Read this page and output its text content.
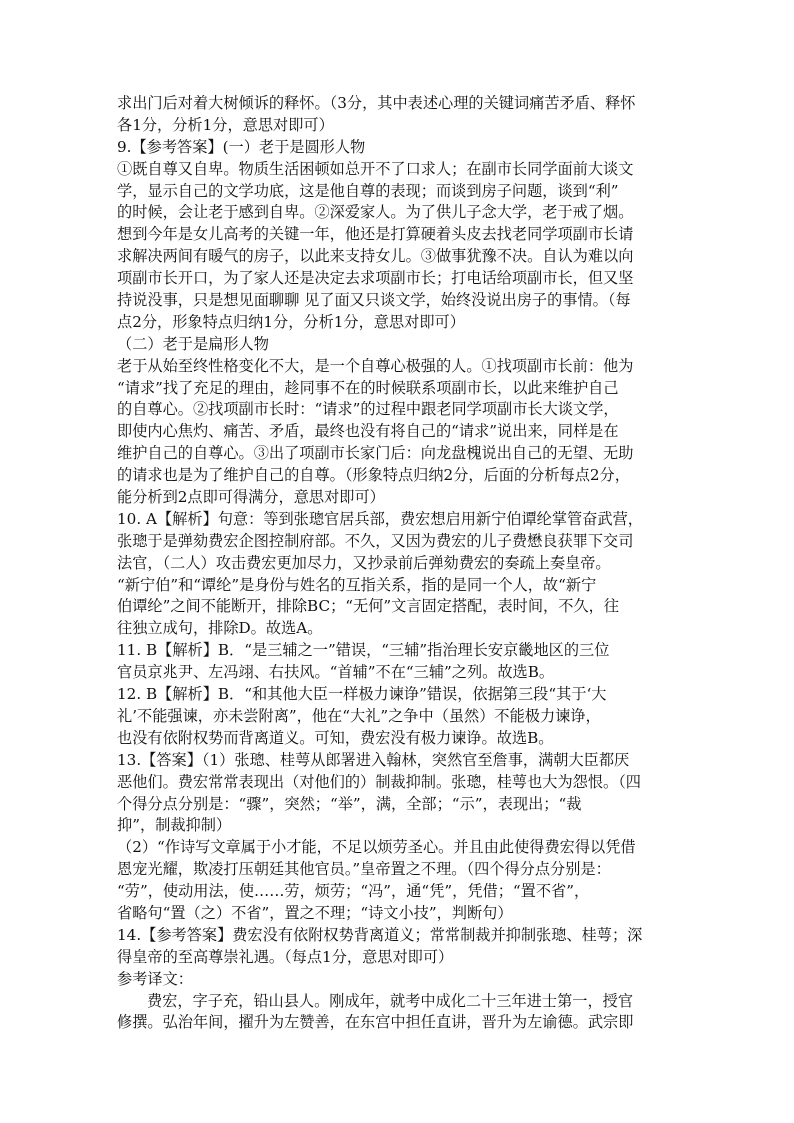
求出门后对着大树倾诉的释怀。（3分，其中表述心理的关键词痛苦矛盾、释怀
各1分，分析1分，意思对即可）
9.【参考答案】(一）老于是圆形人物
①既自尊又自卑。物质生活困顿如总开不了口求人；在副市长同学面前大谈文
学，显示自己的文学功底，这是他自尊的表现；而谈到房子问题，谈到“利”
的时候，会让老于感到自卑。②深爱家人。为了供儿子念大学，老于戒了烟。
想到今年是女儿高考的关键一年，他还是打算硬着头皮去找老同学项副市长请
求解决两间有暖气的房子，以此来支持女儿。③做事犹豫不决。自认为难以向
项副市长开口，为了家人还是决定去求项副市长；打电话给项副市长，但又坚
持说没事，只是想见面聊聊 见了面又只谈文学，始终没说出房子的事情。（每
点2分，形象特点归纳1分，分析1分，意思对即可）
（二）老于是扁形人物
老于从始至终性格变化不大，是一个自尊心极强的人。①找项副市长前：他为
“请求”找了充足的理由，趁同事不在的时候联系项副市长，以此来维护自己
的自尊心。②找项副市长时：“请求”的过程中跟老同学项副市长大谈文学，
即使内心焦灼、痛苦、矛盾，最终也没有将自己的“请求”说出来，同样是在
维护自己的自尊心。③出了项副市长家门后：向龙盘槐说出自己的无望、无助
的请求也是为了维护自己的自尊。（形象特点归纳2分，后面的分析每点2分，
能分析到2点即可得满分，意思对即可）
10. A【解析】句意：等到张璁官居兵部，费宏想启用新宁伯谭纶掌管奋武营，
张璁于是弹劾费宏企图控制府部。不久，又因为费宏的儿子费懋良获罪下交司
法官，（二人）攻击费宏更加尽力，又抄录前后弹劾费宏的奏疏上奏皇帝。
“新宁伯”和“谭纶”是身份与姓名的互指关系，指的是同一个人，故“新宁
伯谭纶”之间不能断开，排除BC；“无何”文言固定搭配，表时间，不久，往
往独立成句，排除D。故选A。
11. B【解析】B．“是三辅之一”错误，“三辅”指治理长安京畿地区的三位
官员京兆尹、左冯翊、右扶风。“首辅”不在“三辅”之列。故选B。
12. B【解析】B．“和其他大臣一样极力谏诤”错误，依据第三段“其于‘大
礼’不能强谏，亦未尝附离”，他在“大礼”之争中（虽然）不能极力谏诤，
也没有依附权势而背离道义。可知，费宏没有极力谏诤。故选B。
13.【答案】（1）张璁、桂萼从郎署进入翰林，突然官至詹事，满朝大臣都厌
恶他们。费宏常常表现出（对他们的）制裁抑制。张璁，桂萼也大为怨恨。（四
个得分点分别是：“骤”，突然；“举”，满，全部；“示”，表现出；“裁
抑”，制裁抑制）
（2）“作诗写文章属于小才能，不足以烦劳圣心。并且由此使得费宏得以凭借
恩宠光耀，欺凌打压朝廷其他官员。”皇帝置之不理。（四个得分点分别是：
“劳”，使动用法，使……劳，烦劳；“冯”，通“凭”，凭借；“置不省”，
省略句“置（之）不省”，置之不理；“诗文小技”，判断句）
14.【参考答案】费宏没有依附权势背离道义；常常制裁并抑制张璁、桂萼；深
得皇帝的至高尊崇礼遇。（每点1分，意思对即可）
参考译文：
费宏，字子充，铅山县人。刚成年，就考中成化二十三年进士第一，授官
修撰。弘治年间，擢升为左赞善，在东宫中担任直讲，晋升为左谕德。武宗即
